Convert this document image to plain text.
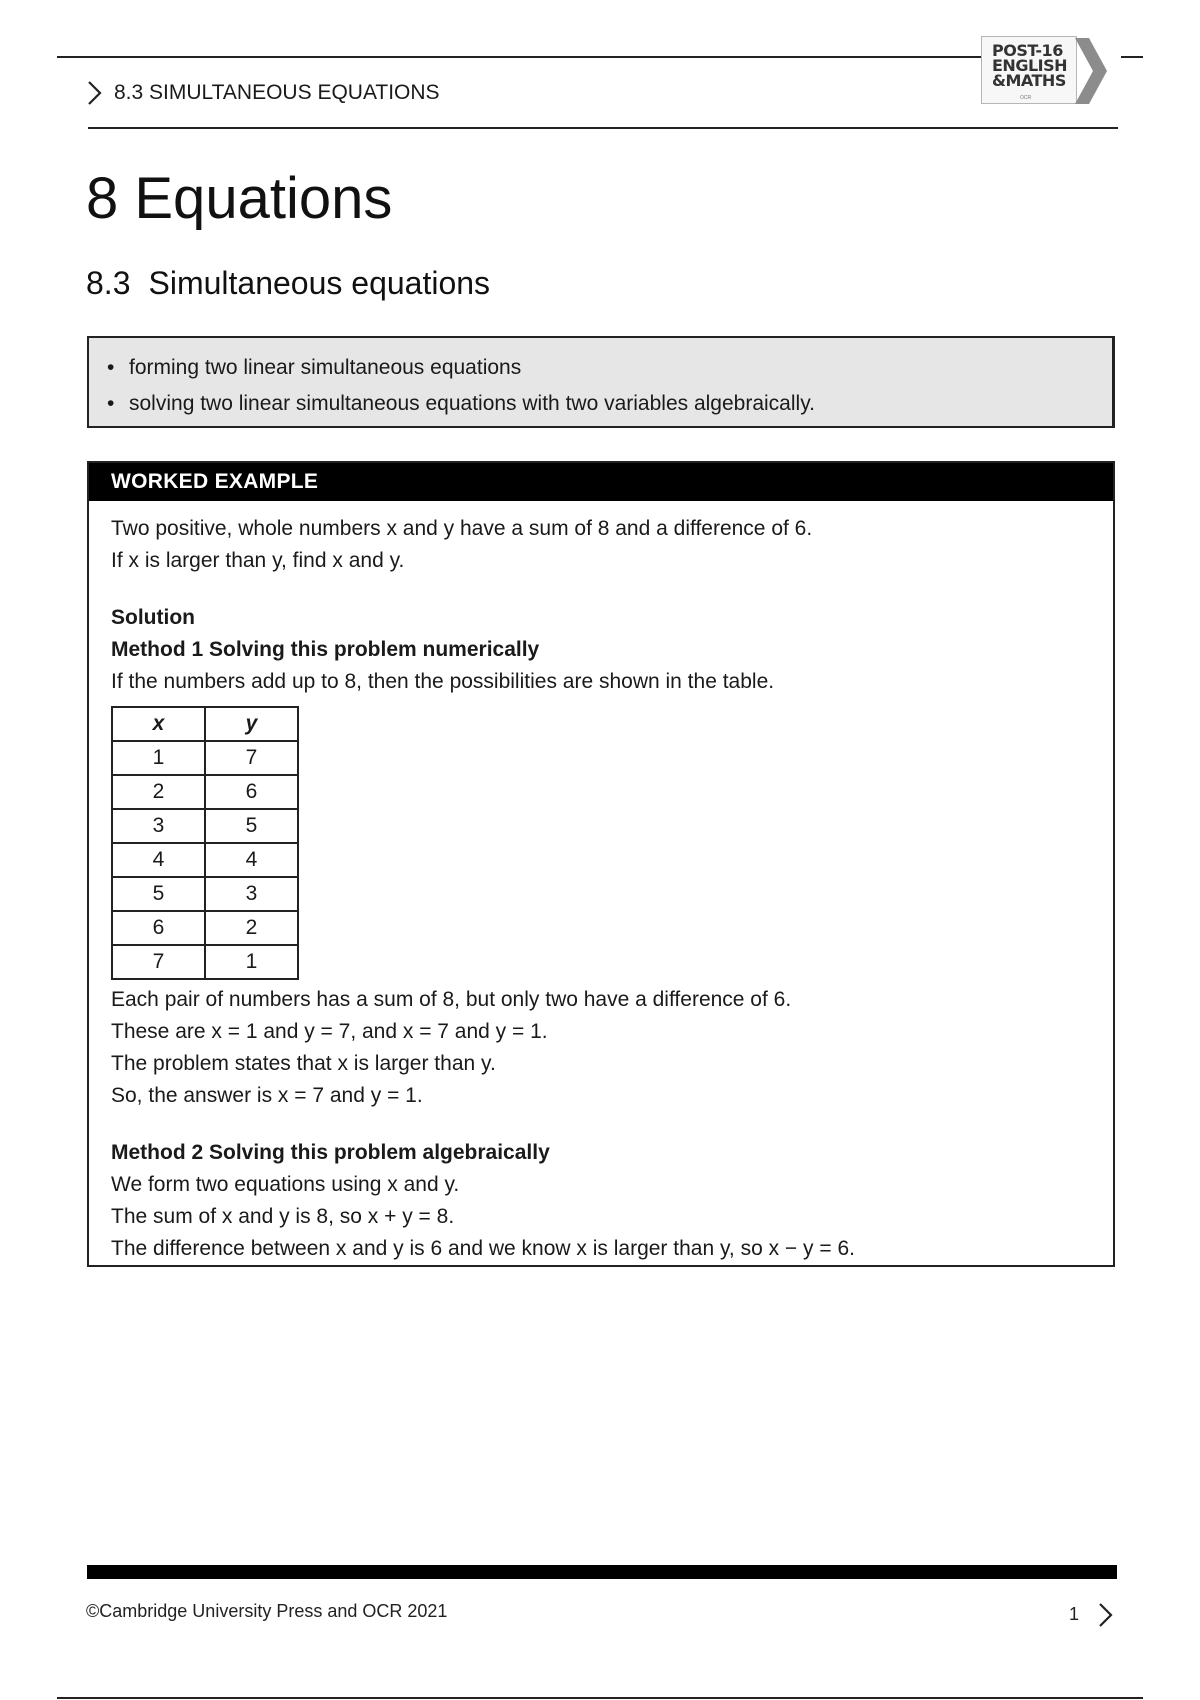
POST-16
ENGLISH
&MATHS
OCR
8.3 SIMULTANEOUS EQUATIONS
8 Equations
8.3 Simultaneous equations
• forming two linear simultaneous equations
• solving two linear simultaneous equations with two variables algebraically.
WORKED EXAMPLE

Two positive, whole numbers x and y have a sum of 8 and a difference of 6.

If x is larger than y, find x and y.

Solution

Method 1 Solving this problem numerically

If the numbers add up to 8, then the possibilities are shown in the table.

x	y
1	7
2	6
3	5
4	4
5	3
6	2
7	1

Each pair of numbers has a sum of 8, but only two have a difference of 6.

These are x = 1 and y = 7, and x = 7 and y = 1.

The problem states that x is larger than y.

So, the answer is x = 7 and y = 1.

Method 2 Solving this problem algebraically

We form two equations using x and y.

The sum of x and y is 8, so x + y = 8.

The difference between x and y is 6 and we know x is larger than y, so x − y = 6.

©Cambridge University Press and OCR 2021	1
